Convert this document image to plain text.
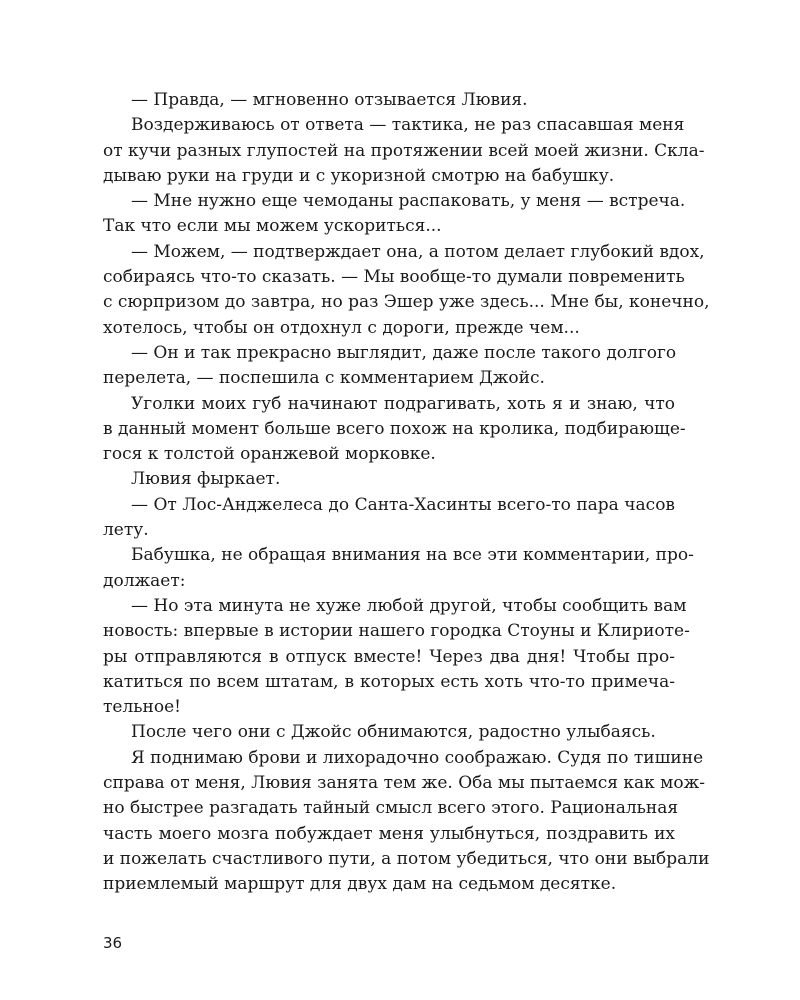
— Правда, — мгновенно отзывается Лювия.
Воздерживаюсь от ответа — тактика, не раз спасавшая меня
от кучи разных глупостей на протяжении всей моей жизни. Скла-
дываю руки на груди и с укоризной смотрю на бабушку.
— Мне нужно еще чемоданы распаковать, у меня — встреча.
Так что если мы можем ускориться...
— Можем, — подтверждает она, а потом делает глубокий вдох,
собираясь что-то сказать. — Мы вообще-то думали повременить
с сюрпризом до завтра, но раз Эшер уже здесь... Мне бы, конечно,
хотелось, чтобы он отдохнул с дороги, прежде чем...
— Он и так прекрасно выглядит, даже после такого долгого
перелета, — поспешила с комментарием Джойс.
Уголки моих губ начинают подрагивать, хоть я и знаю, что
в данный момент больше всего похож на кролика, подбирающе-
гося к толстой оранжевой морковке.
Лювия фыркает.
— От Лос-Анджелеса до Санта-Хасинты всего-то пара часов
лету.
Бабушка, не обращая внимания на все эти комментарии, про-
должает:
— Но эта минута не хуже любой другой, чтобы сообщить вам
новость: впервые в истории нашего городка Стоуны и Клириоте-
ры отправляются в отпуск вместе! Через два дня! Чтобы про-
катиться по всем штатам, в которых есть хоть что-то примеча-
тельное!
После чего они с Джойс обнимаются, радостно улыбаясь.
Я поднимаю брови и лихорадочно соображаю. Судя по тишине
справа от меня, Лювия занята тем же. Оба мы пытаемся как мож-
но быстрее разгадать тайный смысл всего этого. Рациональная
часть моего мозга побуждает меня улыбнуться, поздравить их
и пожелать счастливого пути, а потом убедиться, что они выбрали
приемлемый маршрут для двух дам на седьмом десятке.
36
